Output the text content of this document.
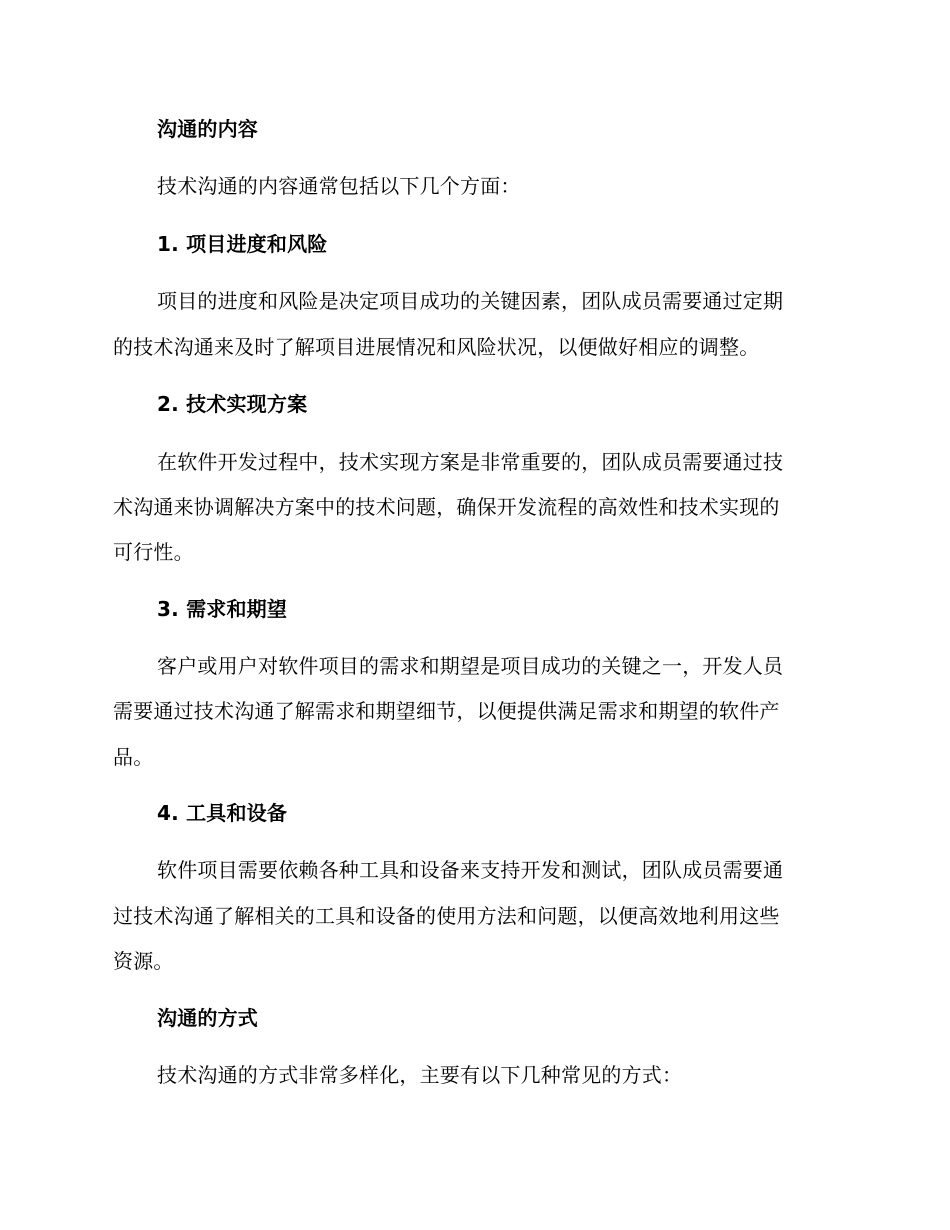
沟通的内容
技术沟通的内容通常包括以下几个方面：
1. 项目进度和风险
项目的进度和风险是决定项目成功的关键因素，团队成员需要通过定期
的技术沟通来及时了解项目进展情况和风险状况，以便做好相应的调整。
2. 技术实现方案
在软件开发过程中，技术实现方案是非常重要的，团队成员需要通过技
术沟通来协调解决方案中的技术问题，确保开发流程的高效性和技术实现的
可行性。
3. 需求和期望
客户或用户对软件项目的需求和期望是项目成功的关键之一，开发人员
需要通过技术沟通了解需求和期望细节，以便提供满足需求和期望的软件产
品。
4. 工具和设备
软件项目需要依赖各种工具和设备来支持开发和测试，团队成员需要通
过技术沟通了解相关的工具和设备的使用方法和问题，以便高效地利用这些
资源。
沟通的方式
技术沟通的方式非常多样化，主要有以下几种常见的方式：
